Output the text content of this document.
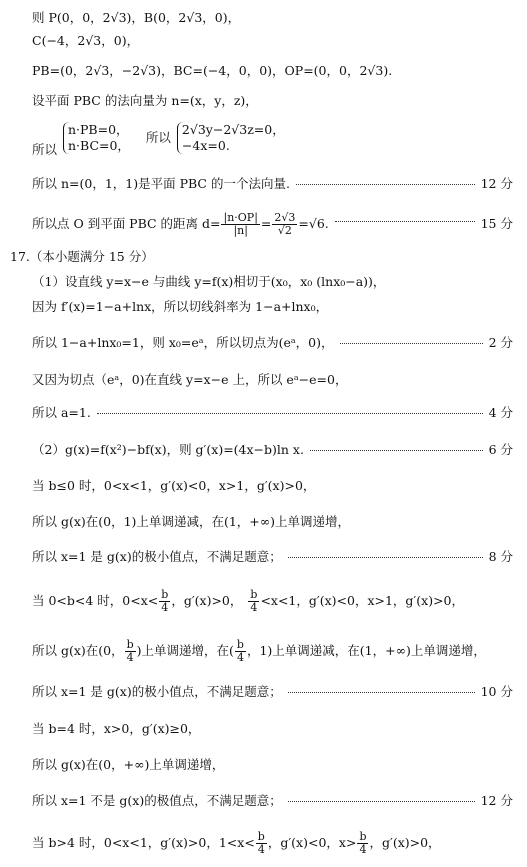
则 P(0，0，2√3)，B(0，2√3，0)，
C(−4，2√3，0)，
PB=(0，2√3，−2√3)，BC=(−4，0，0)，OP=(0，0，2√3).
设平面 PBC 的法向量为 n=(x，y，z)，
所以
n·PB=0，
n·BC=0，
所以 2√3y−2√3z=0，
−4x=0.
所以 n=(0，1，1)是平面 PBC 的一个法向量.	12 分
所以点 O 到平面 PBC 的距离 $d= \frac{|n\cdot OP|}{|n|} = \frac{2√3}{√2} =√6$.	15 分
17.（本小题满分 15 分）
（1）设直线 y=x−e 与曲线 y=f(x)相切于(x₀，x₀ (lnx₀−a))，
因为 f′(x)=1−a+lnx，所以切线斜率为 1−a+lnx₀，
所以 1−a+lnx₀=1，则 x₀=eᵃ，所以切点为(eᵃ，0)，	2 分
又因为切点（eᵃ，0)在直线 y=x−e 上，所以 eᵃ−e=0，
所以 a=1.	4 分
（2）g(x)=f(x²)−bf(x)，则 g′(x)=(4x−b)ln x.	6 分
当 b≤0 时，0<x<1，g′(x)<0，x>1，g′(x)>0，
所以 g(x)在(0，1)上单调递减，在(1，+∞)上单调递增，
所以 x=1 是 g(x)的极小值点，不满足题意；	8 分
当 0<b<4 时，$0<x< \frac{b}{4}$ ，g′(x)>0， $\frac{b}{4} <x<1$，g′(x)<0，x>1，g′(x)>0，
所以 g(x)在(0， $\frac{b}{4}$ )上单调递增，在( $\frac{b}{4}$ ，1)上单调递减，在(1，+∞)上单调递增，
所以 x=1 是 g(x)的极小值点，不满足题意；	10 分
当 b=4 时，x>0，g′(x)≥0，
所以 g(x)在(0，+∞)上单调递增，
所以 x=1 不是 g(x)的极值点，不满足题意；	12 分
当 b>4 时，0<x<1，g′(x)>0，$1<x< \frac{b}{4}$ ，g′(x)<0，$x> \frac{b}{4}$ ，g′(x)>0，
